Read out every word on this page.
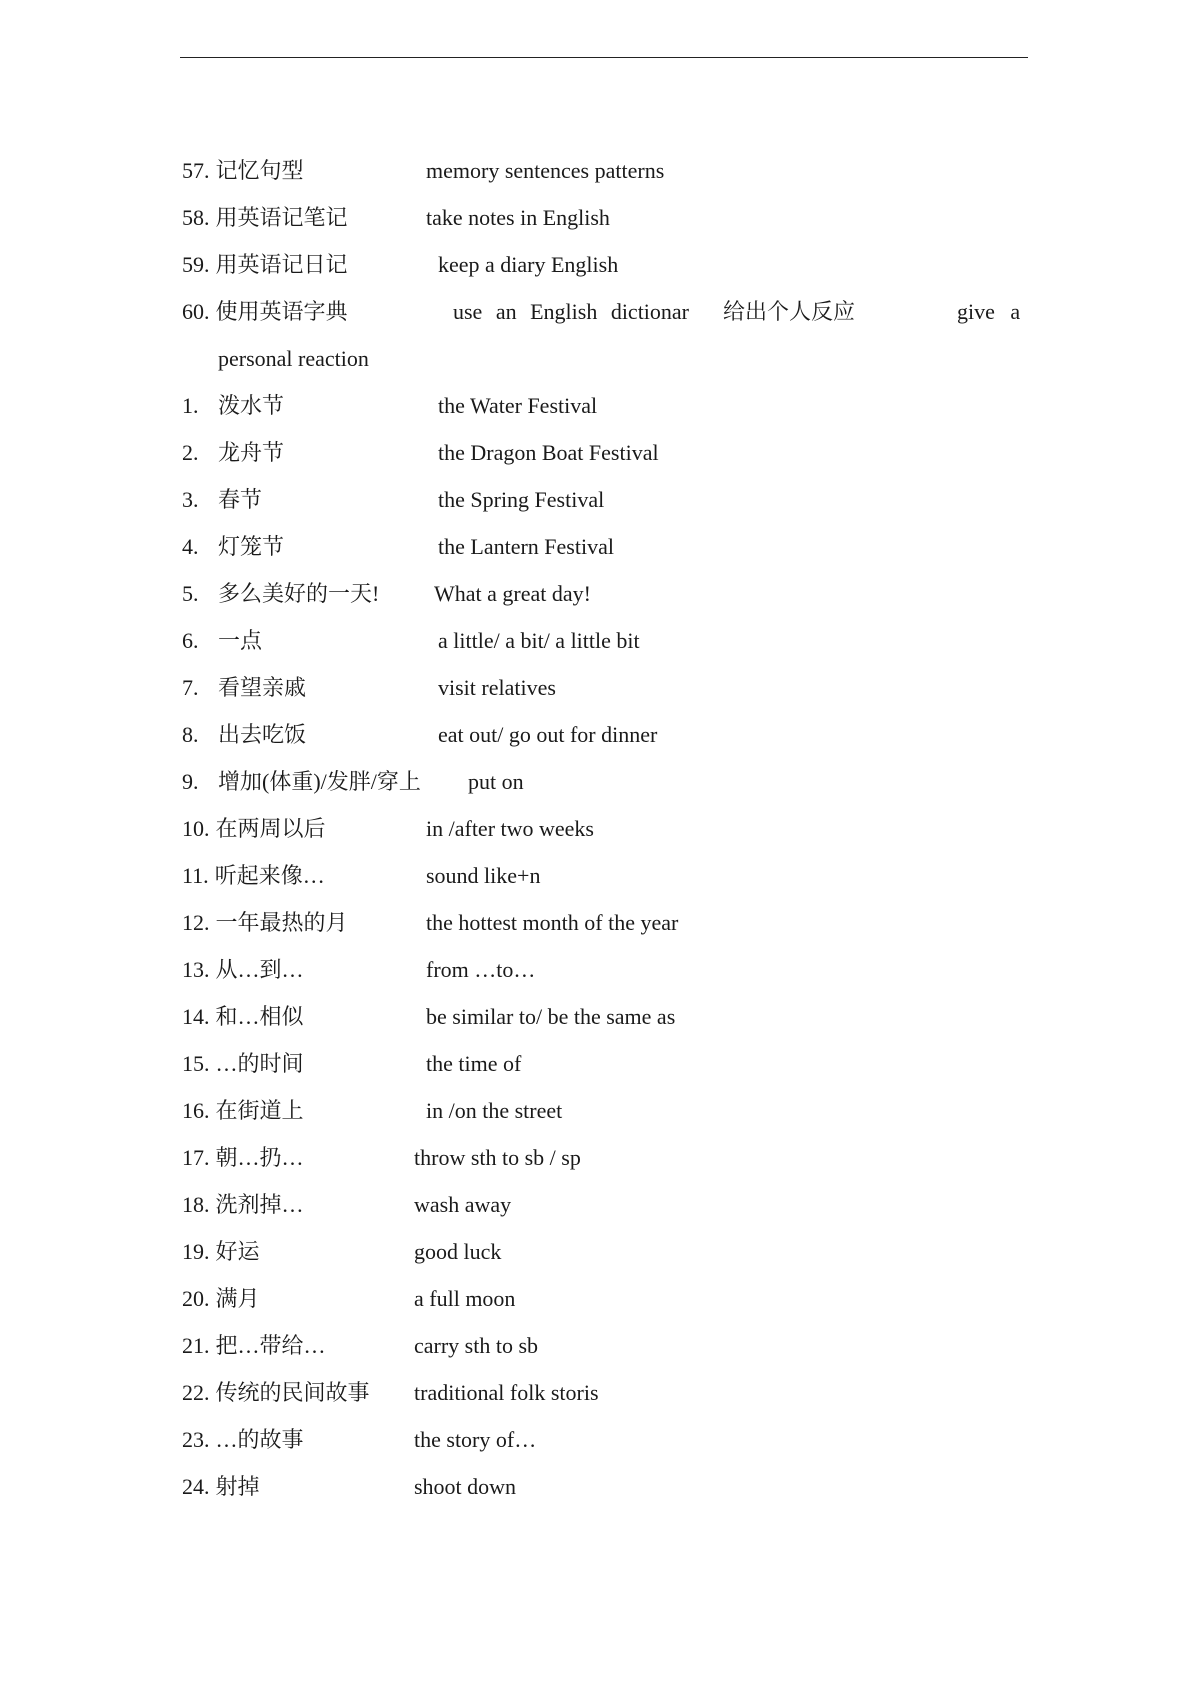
57. 记忆句型	memory sentences patterns
58. 用英语记笔记	take notes in English
59. 用英语记日记	keep a diary English
60. 使用英语字典	use an English dictionar 给出个人反应	give a
personal reaction
1. 泼水节	the Water Festival
2. 龙舟节	the Dragon Boat Festival
3. 春节	the Spring Festival
4. 灯笼节	the Lantern Festival
5. 多么美好的一天! What a great day!
6. 一点	a little/ a bit/ a little bit
7. 看望亲戚	visit relatives
8. 出去吃饭	eat out/ go out for dinner
9. 增加(体重)/发胖/穿上 put on
10. 在两周以后	in /after two weeks
11. 听起来像…	sound like+n
12. 一年最热的月	the hottest month of the year
13. 从…到…	from …to…
14. 和…相似	be similar to/ be the same as
15. …的时间	the time of
16. 在街道上	in /on the street
17. 朝…扔…	throw sth to sb / sp
18. 洗剂掉…	wash away
19. 好运	good luck
20. 满月	a full moon
21. 把…带给…	carry sth to sb
22. 传统的民间故事 traditional folk storis
23. …的故事	the story of…
24. 射掉	shoot down
